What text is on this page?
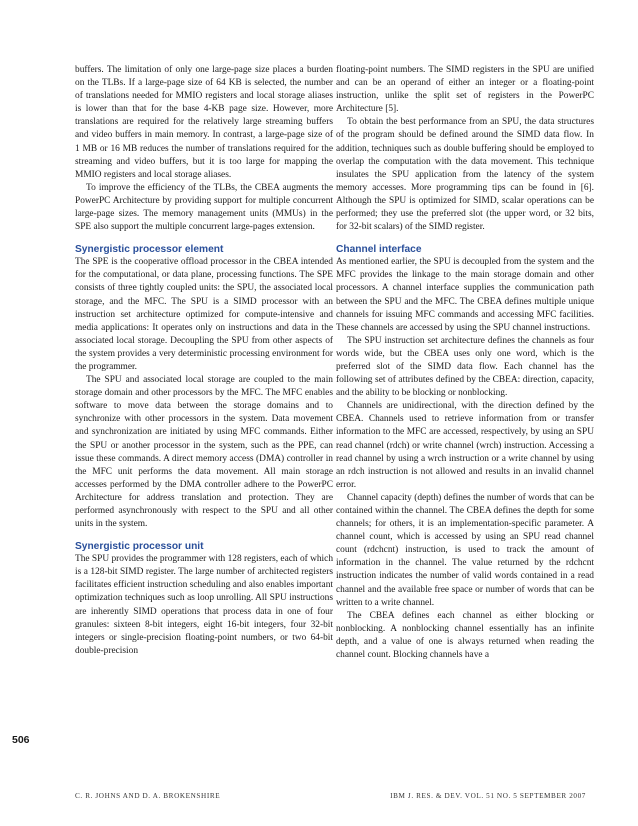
buffers. The limitation of only one large-page size places a burden on the TLBs. If a large-page size of 64 KB is selected, the number of translations needed for MMIO registers and local storage aliases is lower than that for the base 4-KB page size. However, more translations are required for the relatively large streaming buffers and video buffers in main memory. In contrast, a large-page size of 1 MB or 16 MB reduces the number of translations required for the streaming and video buffers, but it is too large for mapping the MMIO registers and local storage aliases.

To improve the efficiency of the TLBs, the CBEA augments the PowerPC Architecture by providing support for multiple concurrent large-page sizes. The memory management units (MMUs) in the SPE also support the multiple concurrent large-pages extension.

Synergistic processor element

The SPE is the cooperative offload processor in the CBEA intended for the computational, or data plane, processing functions. The SPE consists of three tightly coupled units: the SPU, the associated local storage, and the MFC. The SPU is a SIMD processor with an instruction set architecture optimized for compute-intensive and media applications: It operates only on instructions and data in the associated local storage. Decoupling the SPU from other aspects of the system provides a very deterministic processing environment for the programmer.

The SPU and associated local storage are coupled to the main storage domain and other processors by the MFC. The MFC enables software to move data between the storage domains and to synchronize with other processors in the system. Data movement and synchronization are initiated by using MFC commands. Either the SPU or another processor in the system, such as the PPE, can issue these commands. A direct memory access (DMA) controller in the MFC unit performs the data movement. All main storage accesses performed by the DMA controller adhere to the PowerPC Architecture for address translation and protection. They are performed asynchronously with respect to the SPU and all other units in the system.

Synergistic processor unit

The SPU provides the programmer with 128 registers, each of which is a 128-bit SIMD register. The large number of architected registers facilitates efficient instruction scheduling and also enables important optimization techniques such as loop unrolling. All SPU instructions are inherently SIMD operations that process data in one of four granules: sixteen 8-bit integers, eight 16-bit integers, four 32-bit integers or single-precision floating-point numbers, or two 64-bit double-precision

floating-point numbers. The SIMD registers in the SPU are unified and can be an operand of either an integer or a floating-point instruction, unlike the split set of registers in the PowerPC Architecture [5].

To obtain the best performance from an SPU, the data structures of the program should be defined around the SIMD data flow. In addition, techniques such as double buffering should be employed to overlap the computation with the data movement. This technique insulates the SPU application from the latency of the system memory accesses. More programming tips can be found in [6]. Although the SPU is optimized for SIMD, scalar operations can be performed; they use the preferred slot (the upper word, or 32 bits, for 32-bit scalars) of the SIMD register.

Channel interface

As mentioned earlier, the SPU is decoupled from the system and the MFC provides the linkage to the main storage domain and other processors. A channel interface supplies the communication path between the SPU and the MFC. The CBEA defines multiple unique channels for issuing MFC commands and accessing MFC facilities. These channels are accessed by using the SPU channel instructions.

The SPU instruction set architecture defines the channels as four words wide, but the CBEA uses only one word, which is the preferred slot of the SIMD data flow. Each channel has the following set of attributes defined by the CBEA: direction, capacity, and the ability to be blocking or nonblocking.

Channels are unidirectional, with the direction defined by the CBEA. Channels used to retrieve information from or transfer information to the MFC are accessed, respectively, by using an SPU read channel (rdch) or write channel (wrch) instruction. Accessing a read channel by using a wrch instruction or a write channel by using an rdch instruction is not allowed and results in an invalid channel error.

Channel capacity (depth) defines the number of words that can be contained within the channel. The CBEA defines the depth for some channels; for others, it is an implementation-specific parameter. A channel count, which is accessed by using an SPU read channel count (rdchcnt) instruction, is used to track the amount of information in the channel. The value returned by the rdchcnt instruction indicates the number of valid words contained in a read channel and the available free space or number of words that can be written to a write channel.

The CBEA defines each channel as either blocking or nonblocking. A nonblocking channel essentially has an infinite depth, and a value of one is always returned when reading the channel count. Blocking channels have a

506
C. R. JOHNS AND D. A. BROKENSHIRE	IBM J. RES. & DEV. VOL. 51 NO. 5 SEPTEMBER 2007
